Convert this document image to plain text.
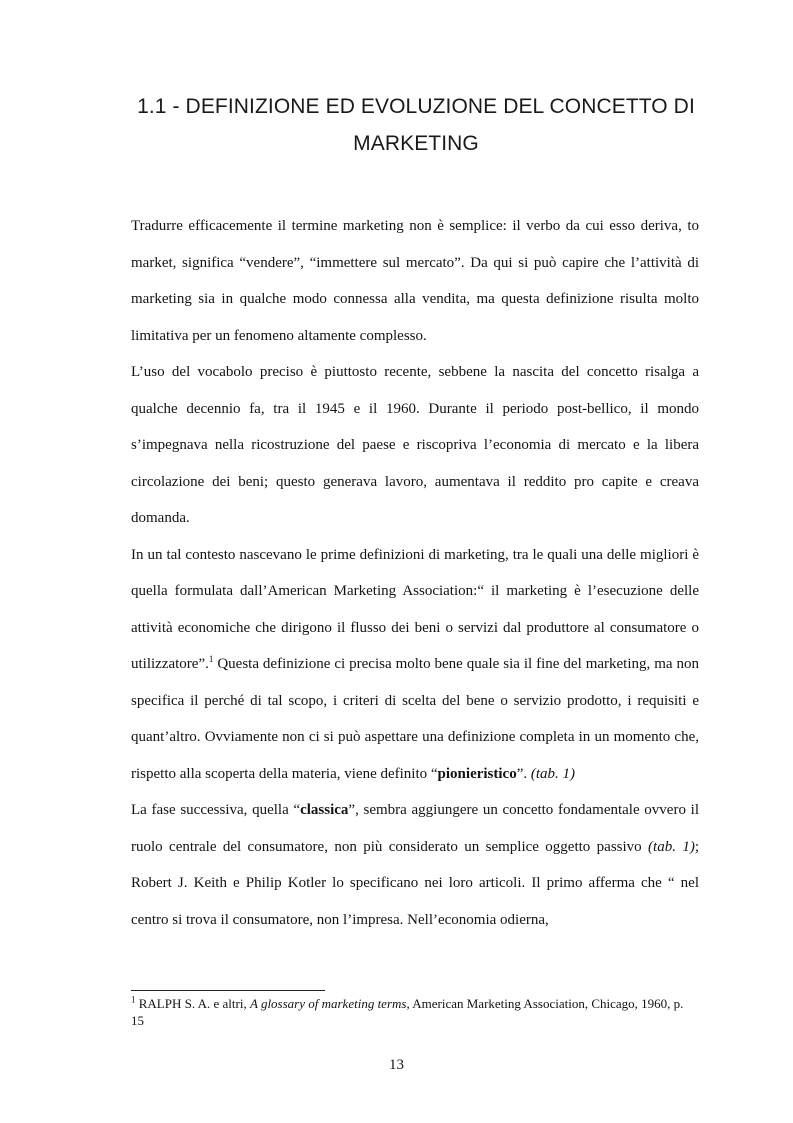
1.1 - DEFINIZIONE ED EVOLUZIONE DEL CONCETTO DI
MARKETING

Tradurre efficacemente il termine marketing non è semplice: il verbo da cui esso deriva, to market, significa “vendere”, “immettere sul mercato”. Da qui si può capire che l’attività di marketing sia in qualche modo connessa alla vendita, ma questa definizione risulta molto limitativa per un fenomeno altamente complesso.

L’uso del vocabolo preciso è piuttosto recente, sebbene la nascita del concetto risalga a qualche decennio fa, tra il 1945 e il 1960. Durante il periodo post-bellico, il mondo s’impegnava nella ricostruzione del paese e riscopriva l’economia di mercato e la libera circolazione dei beni; questo generava lavoro, aumentava il reddito pro capite e creava domanda.

In un tal contesto nascevano le prime definizioni di marketing, tra le quali una delle migliori è quella formulata dall’American Marketing Association:“ il marketing è l’esecuzione delle attività economiche che dirigono il flusso dei beni o servizi dal produttore al consumatore o utilizzatore”.$^1$ Questa definizione ci precisa molto bene quale sia il fine del marketing, ma non specifica il perché di tal scopo, i criteri di scelta del bene o servizio prodotto, i requisiti e quant’altro. Ovviamente non ci si può aspettare una definizione completa in un momento che, rispetto alla scoperta della materia, viene definito “pionieristico”. (tab. 1)

La fase successiva, quella “classica”, sembra aggiungere un concetto fondamentale ovvero il ruolo centrale del consumatore, non più considerato un semplice oggetto passivo (tab. 1); Robert J. Keith e Philip Kotler lo specificano nei loro articoli. Il primo afferma che “ nel centro si trova il consumatore, non l’impresa. Nell’economia odierna,

$^1$ RALPH S. A. e altri, A glossary of marketing terms, American Marketing Association, Chicago, 1960, p. 15
13
